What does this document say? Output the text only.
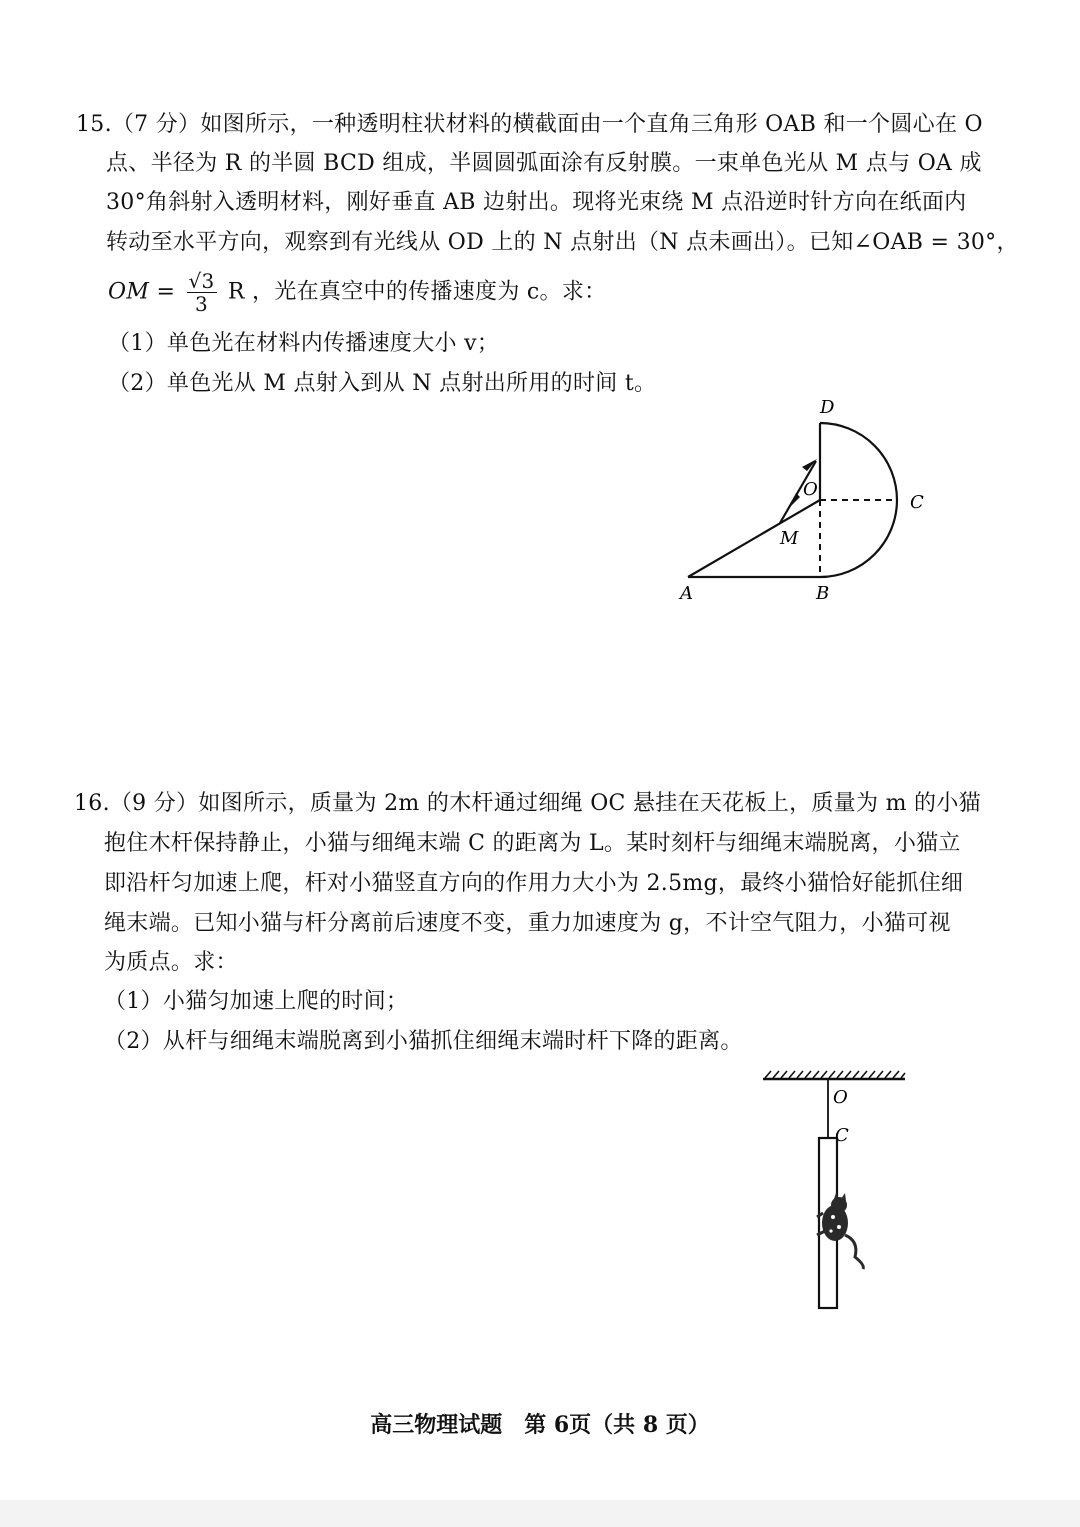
15.（7 分）如图所示，一种透明柱状材料的横截面由一个直角三角形 OAB 和一个圆心在 O
点、半径为 R 的半圆 BCD 组成，半圆圆弧面涂有反射膜。一束单色光从 M 点与 OA 成
30°角斜射入透明材料，刚好垂直 AB 边射出。现将光束绕 M 点沿逆时针方向在纸面内
转动至水平方向，观察到有光线从 OD 上的 N 点射出（N 点未画出）。已知∠OAB = 30°，
OM = $\frac{√3}{3}$ R ，光在真空中的传播速度为 c。求：
（1）单色光在材料内传播速度大小 v；
（2）单色光从 M 点射入到从 N 点射出所用的时间 t。
D
O
C
M
A	B
16.（9 分）如图所示，质量为 2m 的木杆通过细绳 OC 悬挂在天花板上，质量为 m 的小猫
抱住木杆保持静止，小猫与细绳末端 C 的距离为 L。某时刻杆与细绳末端脱离，小猫立
即沿杆匀加速上爬，杆对小猫竖直方向的作用力大小为 2.5mg，最终小猫恰好能抓住细
绳末端。已知小猫与杆分离前后速度不变，重力加速度为 g，不计空气阻力，小猫可视
为质点。求：
（1）小猫匀加速上爬的时间；
（2）从杆与细绳末端脱离到小猫抓住细绳末端时杆下降的距离。
O
C
高三物理试题　第 6页（共 8 页）
